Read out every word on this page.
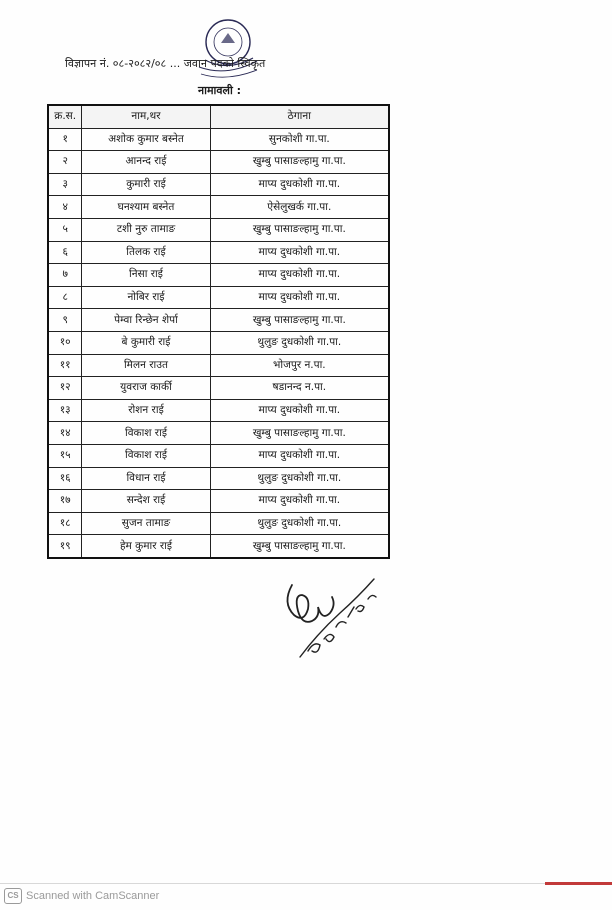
विज्ञापन नं. ०८-२०८२/०८ ... जवान पदको स्विकृत
नामावली :
क्र.स.	नाम,थर	ठेगाना
१	अशोक कुमार बस्नेत	सुनकोशी गा.पा.
२	आनन्द राई	खुम्बु पासाङल्हामु गा.पा.
३	कुमारी राई	माप्य दुधकोशी गा.पा.
४	घनश्याम बस्नेत	ऐसेलुखर्क गा.पा.
५	टशी नुरु तामाङ	खुम्बु पासाङल्हामु गा.पा.
६	तिलक राई	माप्य दुधकोशी गा.पा.
७	निसा राई	माप्य दुधकोशी गा.पा.
८	नोबिर राई	माप्य दुधकोशी गा.पा.
९	पेम्वा रिन्छेन शेर्पा	खुम्बु पासाङल्हामु गा.पा.
१०	बे कुमारी राई	थुलुङ दुधकोशी गा.पा.
११	मिलन राउत	भोजपुर न.पा.
१२	युवराज कार्की	षडानन्द न.पा.
१३	रोशन राई	माप्य दुधकोशी गा.पा.
१४	विकाश राई	खुम्बु पासाङल्हामु गा.पा.
१५	विकाश राई	माप्य दुधकोशी गा.पा.
१६	विधान राई	थुलुङ दुधकोशी गा.पा.
१७	सन्देश राई	माप्य दुधकोशी गा.पा.
१८	सुजन तामाङ	थुलुङ दुधकोशी गा.पा.
१९	हेम कुमार राई	खुम्बु पासाङल्हामु गा.पा.
CS Scanned with CamScanner
